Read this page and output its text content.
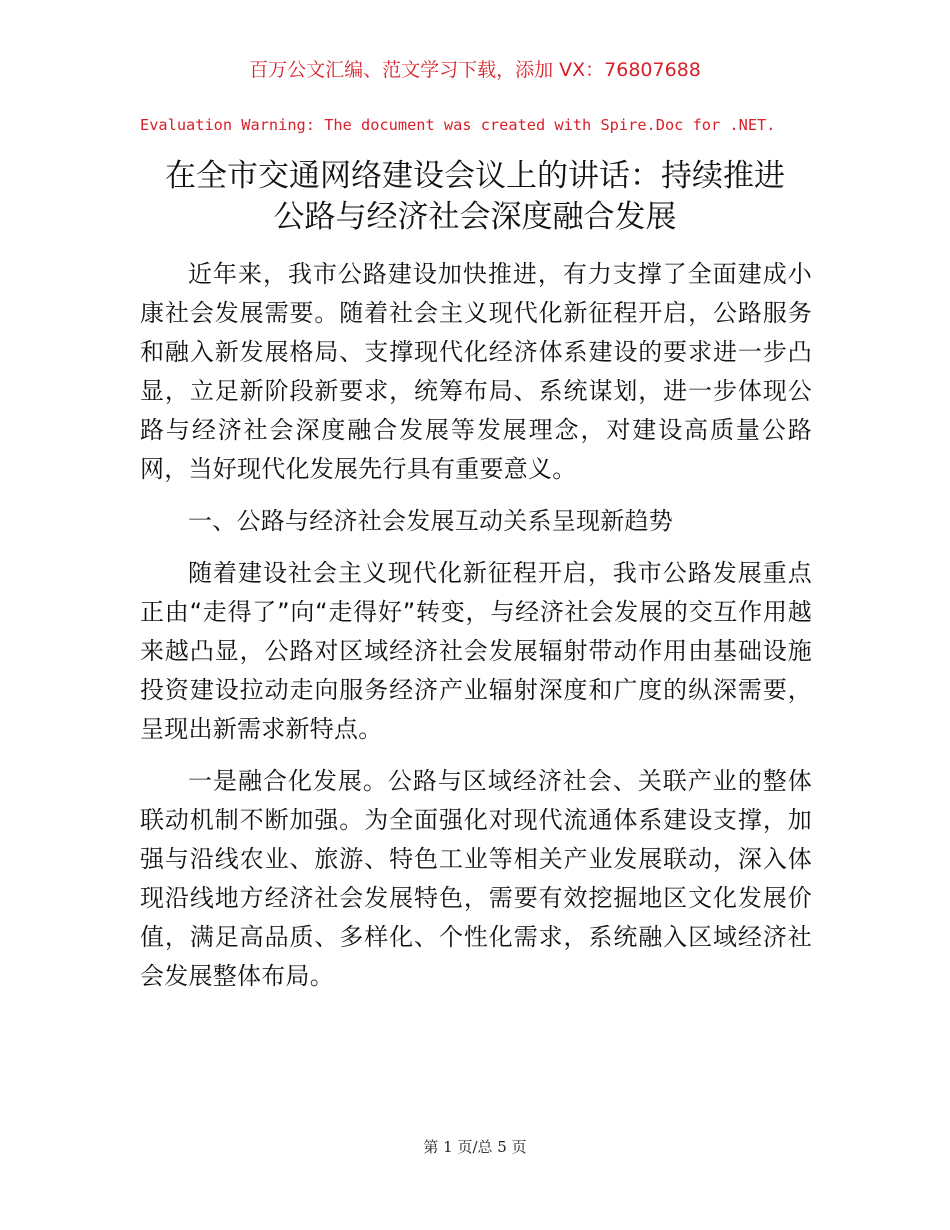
百万公文汇编、范文学习下载，添加 VX：76807688
Evaluation Warning: The document was created with Spire.Doc for .NET.
在全市交通网络建设会议上的讲话：持续推进
公路与经济社会深度融合发展

近年来，我市公路建设加快推进，有力支撑了全面建成小康社会发展需要。随着社会主义现代化新征程开启，公路服务和融入新发展格局、支撑现代化经济体系建设的要求进一步凸显，立足新阶段新要求，统筹布局、系统谋划，进一步体现公路与经济社会深度融合发展等发展理念，对建设高质量公路网，当好现代化发展先行具有重要意义。

一、公路与经济社会发展互动关系呈现新趋势

随着建设社会主义现代化新征程开启，我市公路发展重点正由“走得了”向“走得好”转变，与经济社会发展的交互作用越来越凸显，公路对区域经济社会发展辐射带动作用由基础设施投资建设拉动走向服务经济产业辐射深度和广度的纵深需要，呈现出新需求新特点。

一是融合化发展。公路与区域经济社会、关联产业的整体联动机制不断加强。为全面强化对现代流通体系建设支撑，加强与沿线农业、旅游、特色工业等相关产业发展联动，深入体现沿线地方经济社会发展特色，需要有效挖掘地区文化发展价值，满足高品质、多样化、个性化需求，系统融入区域经济社会发展整体布局。

第 1 页/总 5 页
